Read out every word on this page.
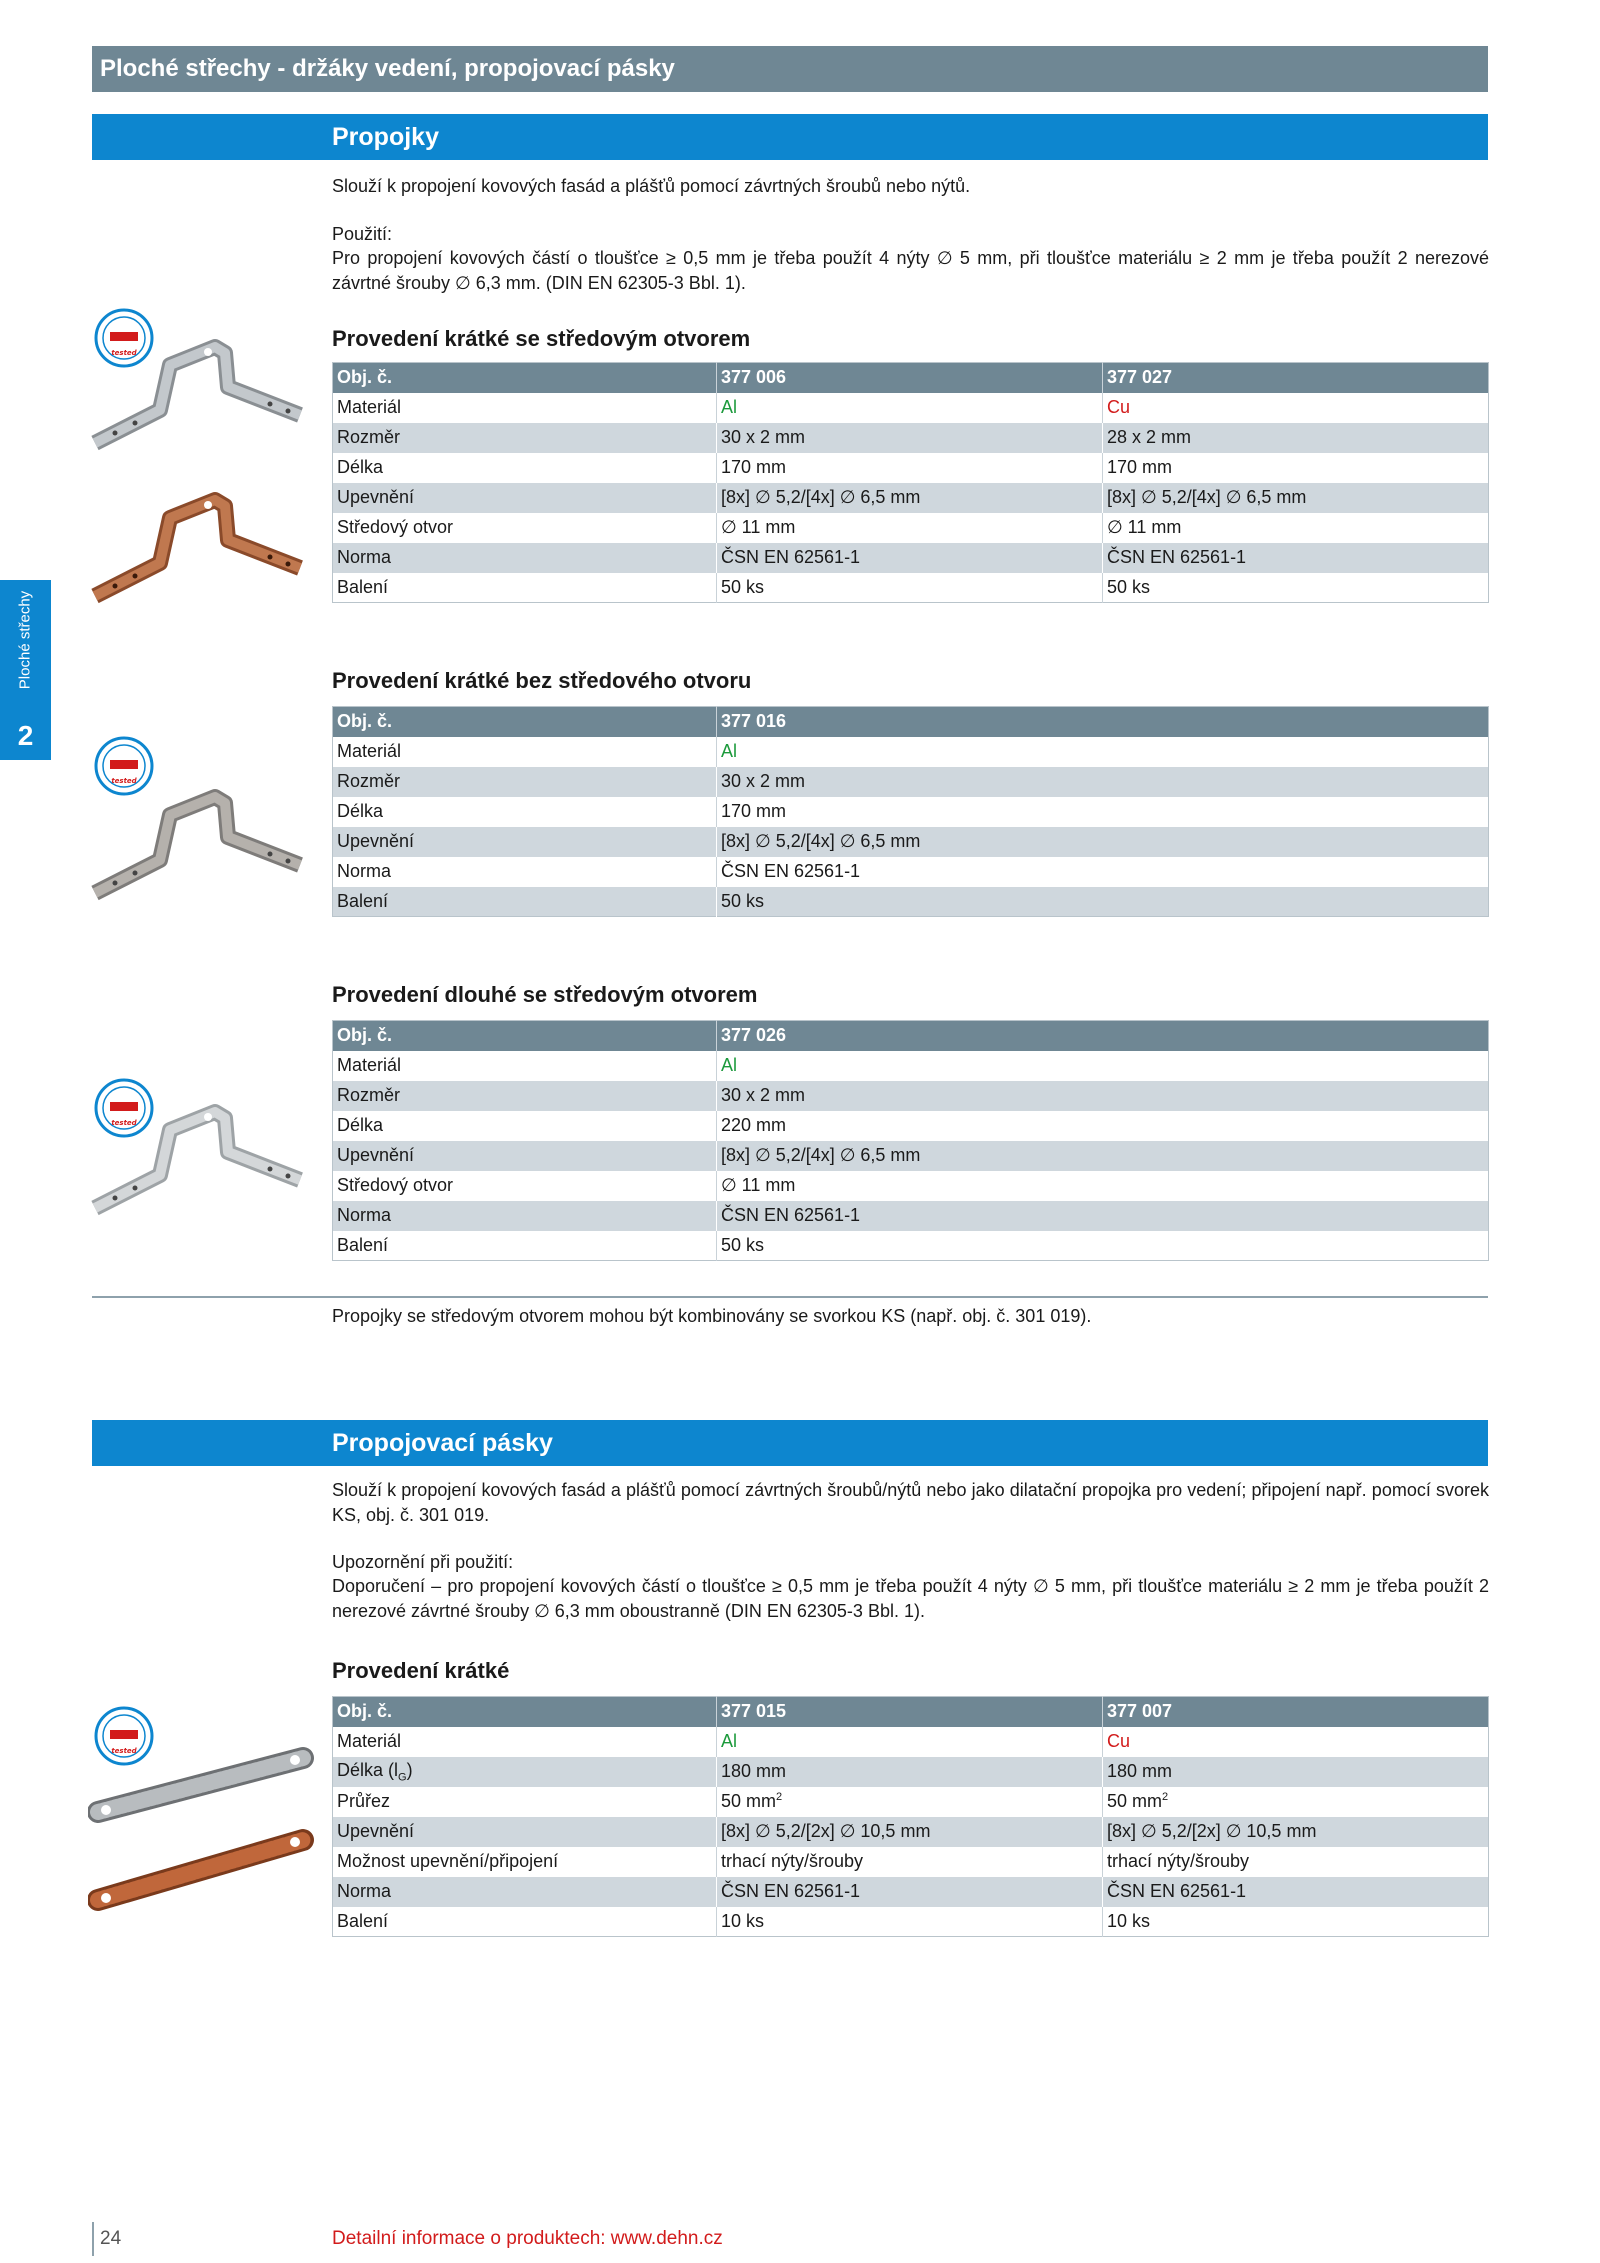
Ploché střechy - držáky vedení, propojovací pásky
Ploché střechy
2
Propojky
Slouží k propojení kovových fasád a plášťů pomocí závrtných šroubů nebo nýtů.
Použití:
Pro propojení kovových částí o tloušťce ≥ 0,5 mm je třeba použít 4 nýty ∅ 5 mm, při tloušťce materiálu ≥ 2 mm je třeba použít 2 nerezové závrtné šrouby ∅ 6,3 mm. (DIN EN 62305-3 Bbl. 1).
Provedení krátké se středovým otvorem
Obj. č.	377 006	377 027
Materiál	Al	Cu
Rozměr	30 x 2 mm	28 x 2 mm
Délka	170 mm	170 mm
Upevnění	[8x] ∅ 5,2/[4x] ∅ 6,5 mm	[8x] ∅ 5,2/[4x] ∅ 6,5 mm
Středový otvor	∅ 11 mm	∅ 11 mm
Norma	ČSN EN 62561-1	ČSN EN 62561-1
Balení	50 ks	50 ks
Provedení krátké bez středového otvoru
Obj. č.	377 016
Materiál	Al
Rozměr	30 x 2 mm
Délka	170 mm
Upevnění	[8x] ∅ 5,2/[4x] ∅ 6,5 mm
Norma	ČSN EN 62561-1
Balení	50 ks
Provedení dlouhé se středovým otvorem
Obj. č.	377 026
Materiál	Al
Rozměr	30 x 2 mm
Délka	220 mm
Upevnění	[8x] ∅ 5,2/[4x] ∅ 6,5 mm
Středový otvor	∅ 11 mm
Norma	ČSN EN 62561-1
Balení	50 ks
Propojky se středovým otvorem mohou být kombinovány se svorkou KS (např. obj. č. 301 019).
Propojovací pásky
Slouží k propojení kovových fasád a plášťů pomocí závrtných šroubů/nýtů nebo jako dilatační propojka pro vedení; připojení např. pomocí svorek KS, obj. č. 301 019.
Upozornění při použití:
Doporučení – pro propojení kovových částí o tloušťce ≥ 0,5 mm je třeba použít 4 nýty ∅ 5 mm, při tloušťce materiálu ≥ 2 mm je třeba použít 2 nerezové závrtné šrouby ∅ 6,3 mm oboustranně (DIN EN 62305-3 Bbl. 1).
Provedení krátké
Obj. č.	377 015	377 007
Materiál	Al	Cu
Délka $(l_G)$	180 mm	180 mm
Průřez	50 $mm^2$	50 $mm^2$
Upevnění	[8x] ∅ 5,2/[2x] ∅ 10,5 mm	[8x] ∅ 5,2/[2x] ∅ 10,5 mm
Možnost upevnění/připojení	trhací nýty/šrouby	trhací nýty/šrouby
Norma	ČSN EN 62561-1	ČSN EN 62561-1
Balení	10 ks	10 ks
tested
tested
tested
tested
24	Detailní informace o produktech: www.dehn.cz
